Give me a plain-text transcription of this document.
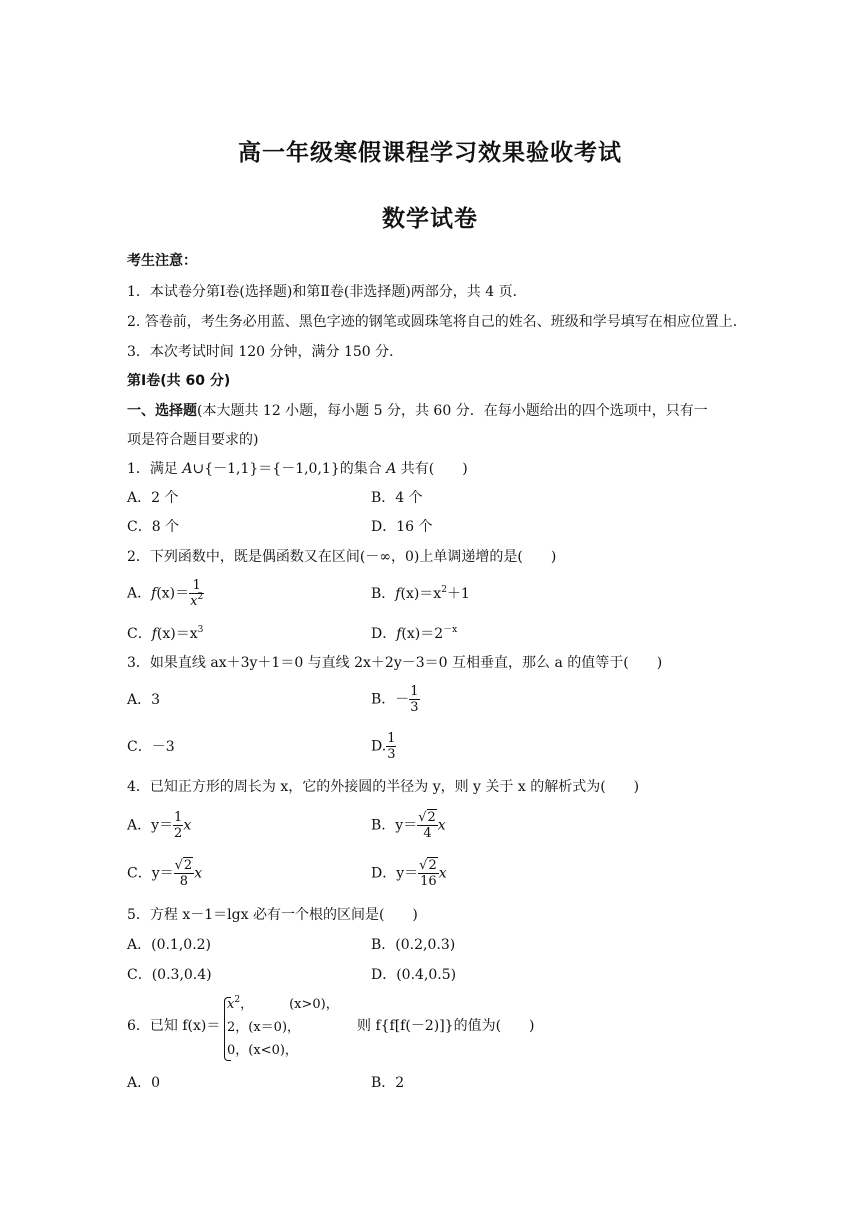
高一年级寒假课程学习效果验收考试
数学试卷
考生注意：
1．本试卷分第Ⅰ卷(选择题)和第Ⅱ卷(非选择题)两部分，共 4 页．
2. 答卷前，考生务必用蓝、黑色字迹的钢笔或圆珠笔将自己的姓名、班级和学号填写在相应位置上．
3．本次考试时间 120 分钟，满分 150 分．
第Ⅰ卷(共 60 分)
一、选择题(本大题共 12 小题，每小题 5 分，共 60 分．在每小题给出的四个选项中，只有一
项是符合题目要求的)
1．满足 A∪{－1,1}＝{－1,0,1}的集合 A 共有(　　)
A．2 个	B．4 个
C．8 个	D．16 个
2．下列函数中，既是偶函数又在区间(－∞，0)上单调递增的是(　　)
A．$f(x)= \frac{1}{x^2}$	B．$f(x)=x^2+1$
C．$f(x)=x^3$	D．$f(x)=2^{-x}$
3．如果直线 ax＋3y＋1＝0 与直线 2x＋2y－3＝0 互相垂直，那么 a 的值等于(　　)
A．3	B．－ $\frac{1}{3}$
C．－3	D. $\frac{1}{3}$
4．已知正方形的周长为 x，它的外接圆的半径为 y，则 y 关于 x 的解析式为(　　)
A．$y= \frac{1}{2}$ x	B．$y= \frac{√2}{4}$ x
C．$y= \frac{√2}{8}$ x	D．$y= \frac{√2}{16}$ x
5．方程 x－1＝lgx 必有一个根的区间是(　　)
A．(0.1,0.2)	B．(0.2,0.3)
C．(0.3,0.4)	D．(0.4,0.5)
6．已知 f(x)＝
$x^2$，	(x>0)，
2，(x＝0)，
0，(x<0)，
则 f{f[f(－2)]}的值为(　　)
A．0	B．2
